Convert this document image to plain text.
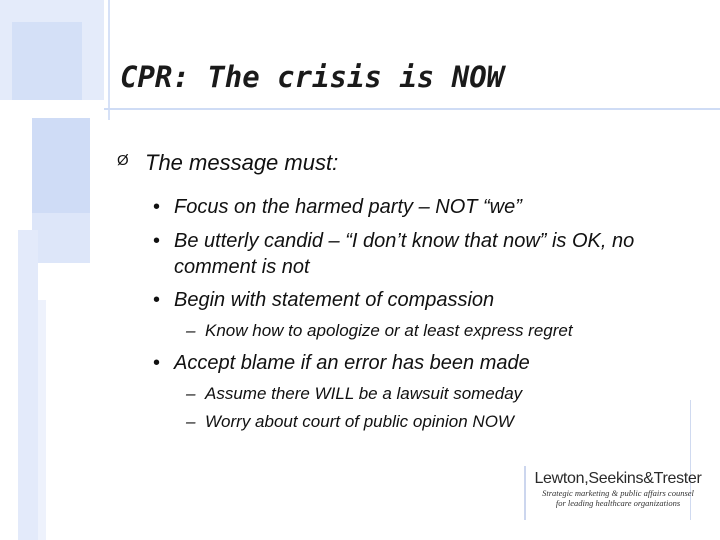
CPR: The crisis is NOW
Ø The message must:
• Focus on the harmed party – NOT “we”
• Be utterly candid – “I don’t know that now” is OK, no comment is not
• Begin with statement of compassion
– Know how to apologize or at least express regret
• Accept blame if an error has been made
– Assume there WILL be a lawsuit someday
– Worry about court of public opinion NOW
Lewton,Seekins&Trester
Strategic marketing & public affairs counsel
for leading healthcare organizations
